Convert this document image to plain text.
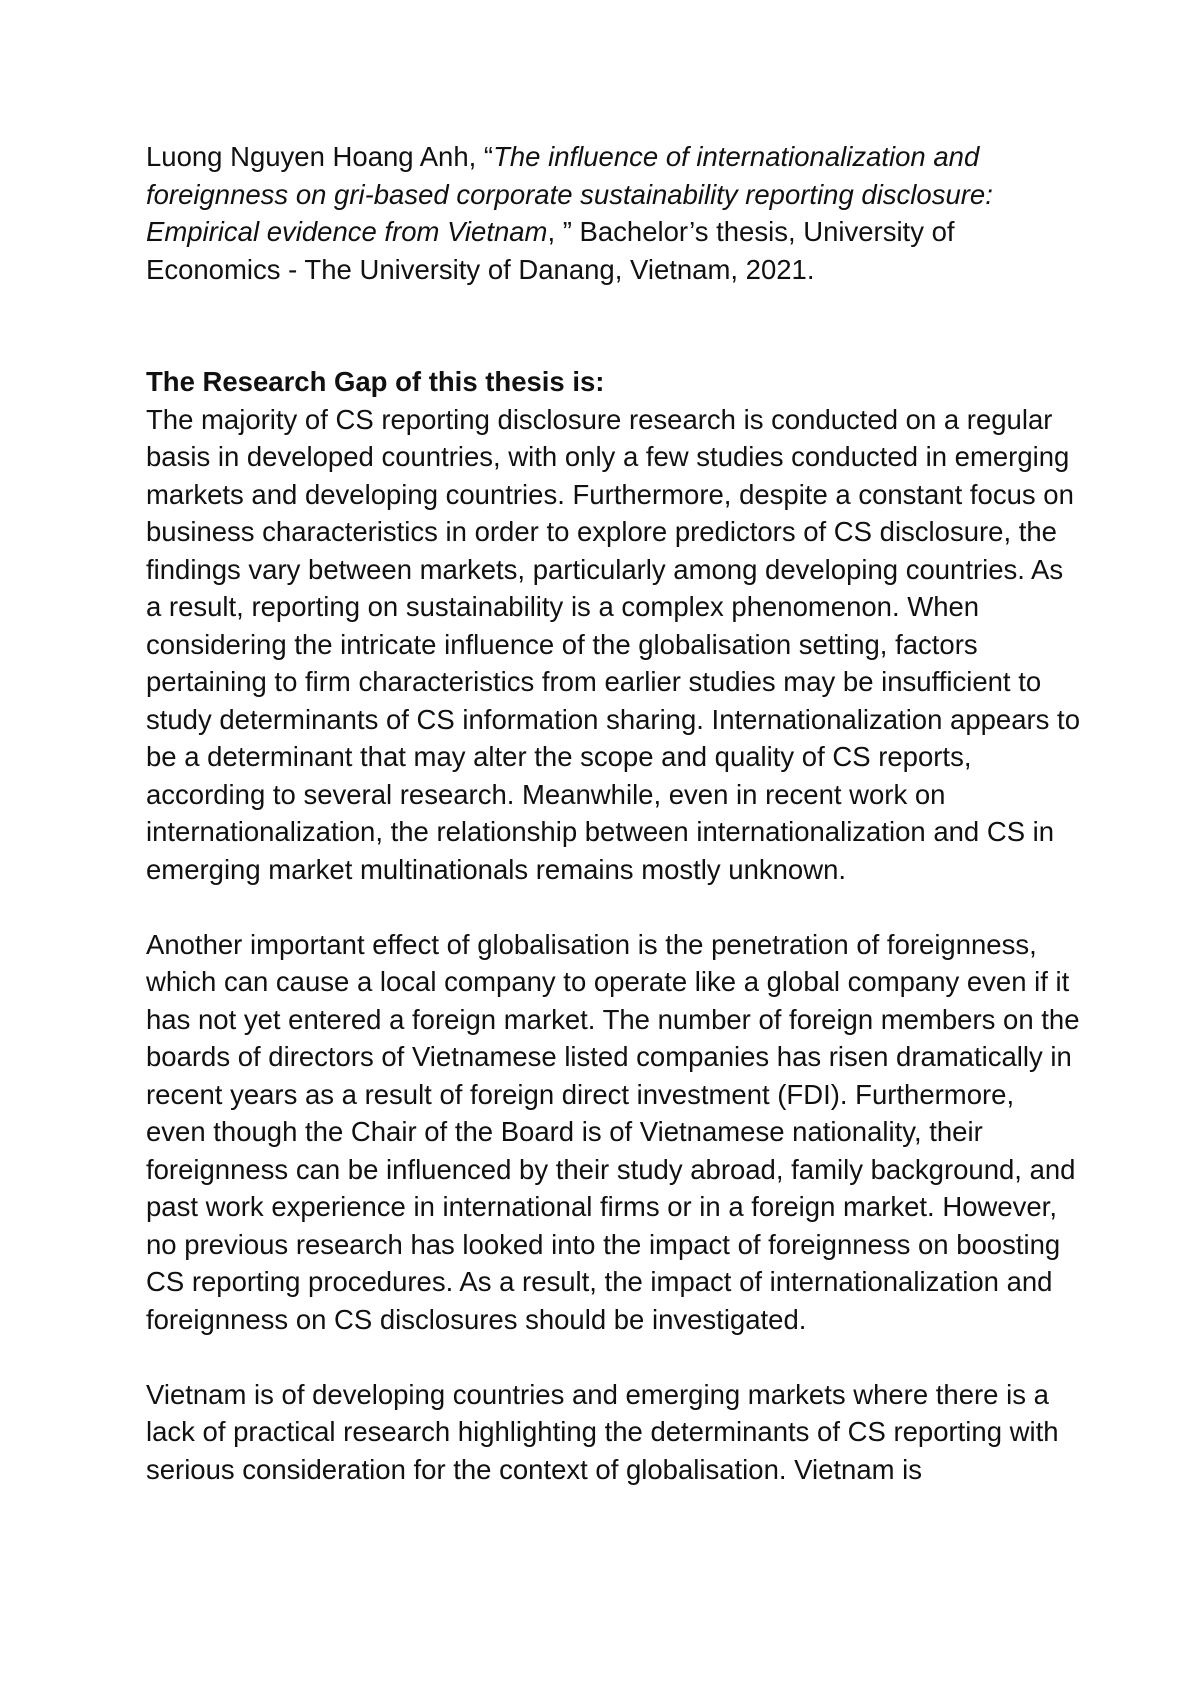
Luong Nguyen Hoang Anh, “The influence of internationalization and foreignness on gri-based corporate sustainability reporting disclosure: Empirical evidence from Vietnam, ” Bachelor’s thesis, University of Economics - The University of Danang, Vietnam, 2021.

The Research Gap of this thesis is:

The majority of CS reporting disclosure research is conducted on a regular basis in developed countries, with only a few studies conducted in emerging markets and developing countries. Furthermore, despite a constant focus on business characteristics in order to explore predictors of CS disclosure, the findings vary between markets, particularly among developing countries. As a result, reporting on sustainability is a complex phenomenon. When considering the intricate influence of the globalisation setting, factors pertaining to firm characteristics from earlier studies may be insufficient to study determinants of CS information sharing. Internationalization appears to be a determinant that may alter the scope and quality of CS reports, according to several research. Meanwhile, even in recent work on internationalization, the relationship between internationalization and CS in emerging market multinationals remains mostly unknown.

Another important effect of globalisation is the penetration of foreignness, which can cause a local company to operate like a global company even if it has not yet entered a foreign market. The number of foreign members on the boards of directors of Vietnamese listed companies has risen dramatically in recent years as a result of foreign direct investment (FDI). Furthermore, even though the Chair of the Board is of Vietnamese nationality, their foreignness can be influenced by their study abroad, family background, and past work experience in international firms or in a foreign market. However, no previous research has looked into the impact of foreignness on boosting CS reporting procedures. As a result, the impact of internationalization and foreignness on CS disclosures should be investigated.

Vietnam is of developing countries and emerging markets where there is a lack of practical research highlighting the determinants of CS reporting with serious consideration for the context of globalisation. Vietnam is
